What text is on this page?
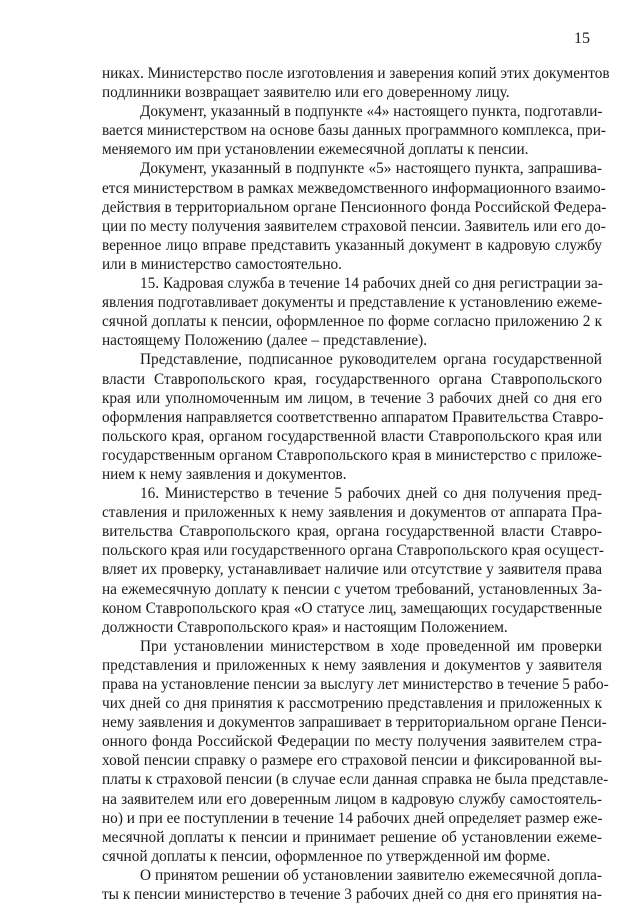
15
никах. Министерство после изготовления и заверения копий этих документов
подлинники возвращает заявителю или его доверенному лицу.
Документ, указанный в подпункте «4» настоящего пункта, подготавли-
вается министерством на основе базы данных программного комплекса, при-
меняемого им при установлении ежемесячной доплаты к пенсии.
Документ, указанный в подпункте «5» настоящего пункта, запрашива-
ется министерством в рамках межведомственного информационного взаимо-
действия в территориальном органе Пенсионного фонда Российской Федера-
ции по месту получения заявителем страховой пенсии. Заявитель или его до-
веренное лицо вправе представить указанный документ в кадровую службу
или в министерство самостоятельно.
15. Кадровая служба в течение 14 рабочих дней со дня регистрации за-
явления подготавливает документы и представление к установлению ежеме-
сячной доплаты к пенсии, оформленное по форме согласно приложению 2 к
настоящему Положению (далее – представление).
Представление, подписанное руководителем органа государственной
власти Ставропольского края, государственного органа Ставропольского
края или уполномоченным им лицом, в течение 3 рабочих дней со дня его
оформления направляется соответственно аппаратом Правительства Ставро-
польского края, органом государственной власти Ставропольского края или
государственным органом Ставропольского края в министерство с приложе-
нием к нему заявления и документов.
16. Министерство в течение 5 рабочих дней со дня получения пред-
ставления и приложенных к нему заявления и документов от аппарата Пра-
вительства Ставропольского края, органа государственной власти Ставро-
польского края или государственного органа Ставропольского края осущест-
вляет их проверку, устанавливает наличие или отсутствие у заявителя права
на ежемесячную доплату к пенсии с учетом требований, установленных За-
коном Ставропольского края «О статусе лиц, замещающих государственные
должности Ставропольского края» и настоящим Положением.
При установлении министерством в ходе проведенной им проверки
представления и приложенных к нему заявления и документов у заявителя
права на установление пенсии за выслугу лет министерство в течение 5 рабо-
чих дней со дня принятия к рассмотрению представления и приложенных к
нему заявления и документов запрашивает в территориальном органе Пенси-
онного фонда Российской Федерации по месту получения заявителем стра-
ховой пенсии справку о размере его страховой пенсии и фиксированной вы-
платы к страховой пенсии (в случае если данная справка не была представле-
на заявителем или его доверенным лицом в кадровую службу самостоятель-
но) и при ее поступлении в течение 14 рабочих дней определяет размер ежe-
месячной доплаты к пенсии и принимает решение об установлении ежеме-
сячной доплаты к пенсии, оформленное по утвержденной им форме.
О принятом решении об установлении заявителю ежемесячной допла-
ты к пенсии министерство в течение 3 рабочих дней со дня его принятия на-
